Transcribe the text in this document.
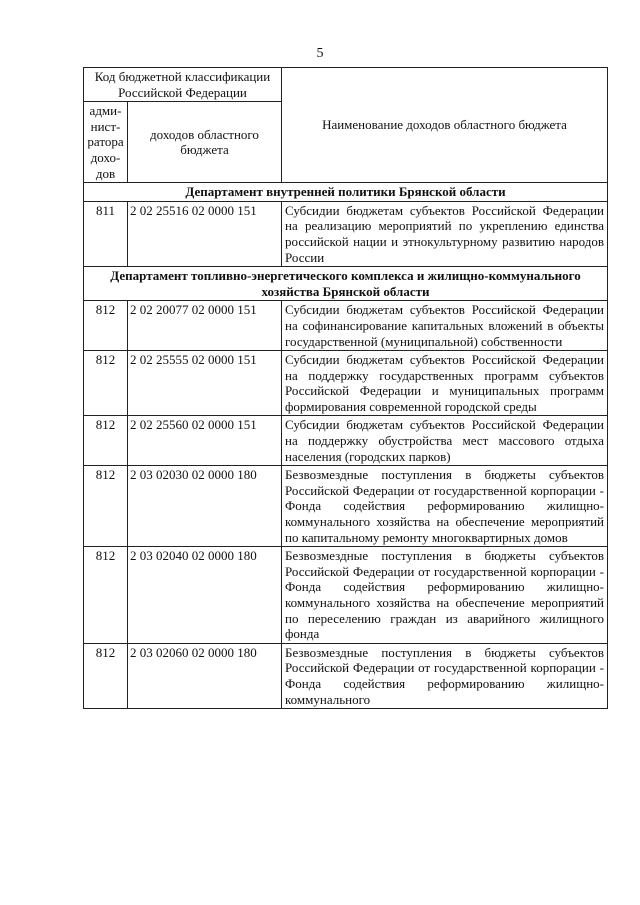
5
Код бюджетной классификации Российской Федерации		Наименование доходов областного бюджета
адми- нист- ратора дохо- дов	доходов областного бюджета	
Департамент внутренней политики Брянской области		
811	2 02 25516 02 0000 151	Субсидии бюджетам субъектов Российской Федерации на реализацию мероприятий по укреплению единства российской нации и этнокультурному развитию народов России
Департамент топливно-энергетического комплекса и жилищно-коммунального хозяйства Брянской области		
812	2 02 20077 02 0000 151	Субсидии бюджетам субъектов Российской Федерации на софинансирование капитальных вложений в объекты государственной (муниципальной) собственности
812	2 02 25555 02 0000 151	Субсидии бюджетам субъектов Российской Федерации на поддержку государственных программ субъектов Российской Федерации и муниципальных программ формирования современной городской среды
812	2 02 25560 02 0000 151	Субсидии бюджетам субъектов Российской Федерации на поддержку обустройства мест массового отдыха населения (городских парков)
812	2 03 02030 02 0000 180	Безвозмездные поступления в бюджеты субъектов Российской Федерации от государственной корпорации - Фонда содействия реформированию жилищно-коммунального хозяйства на обеспечение мероприятий по капитальному ремонту многоквартирных домов
812	2 03 02040 02 0000 180	Безвозмездные поступления в бюджеты субъектов Российской Федерации от государственной корпорации - Фонда содействия реформированию жилищно-коммунального хозяйства на обеспечение мероприятий по переселению граждан из аварийного жилищного фонда
812	2 03 02060 02 0000 180	Безвозмездные поступления в бюджеты субъектов Российской Федерации от государственной корпорации - Фонда содействия реформированию жилищно-коммунального
